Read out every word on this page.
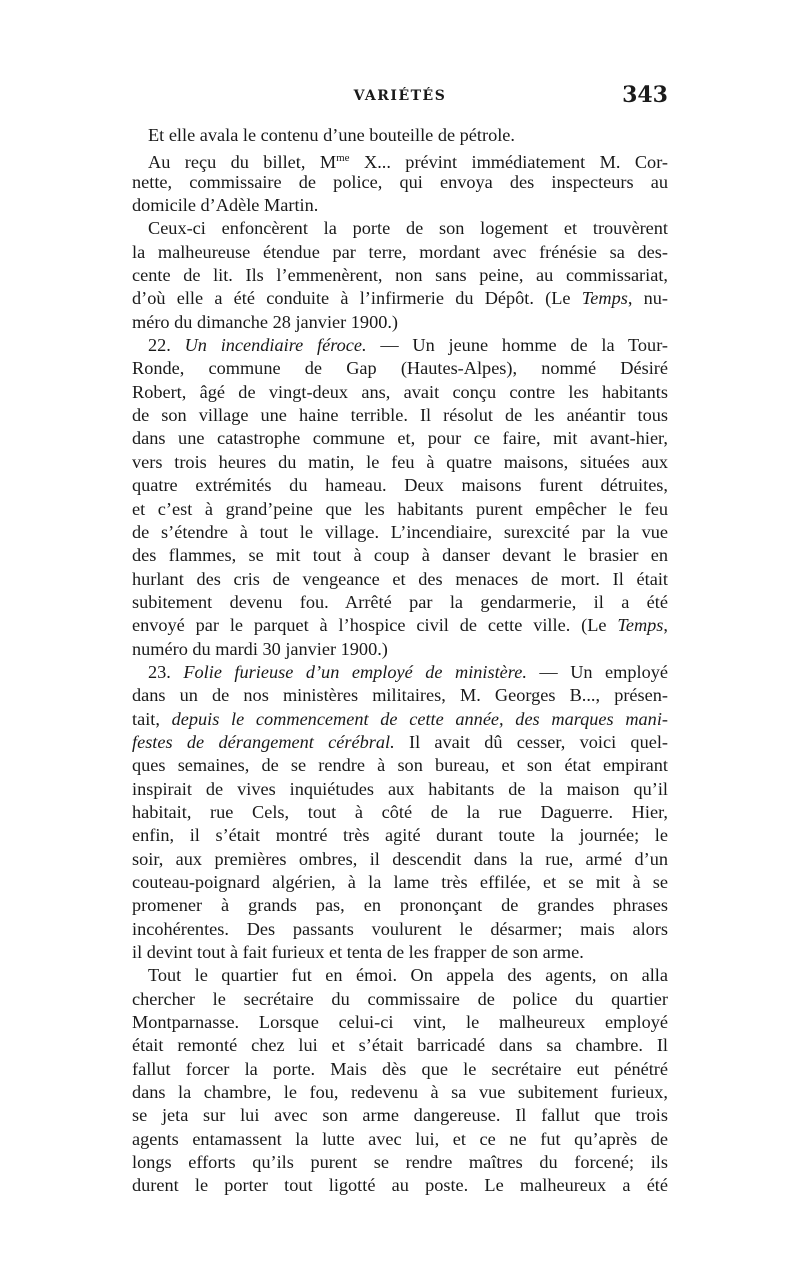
VARIÉTÉS	343
Et elle avala le contenu d’une bouteille de pétrole.
Au reçu du billet, $M^{me}$ X... prévint immédiatement M. Cor-
nette, commissaire de police, qui envoya des inspecteurs au
domicile d’Adèle Martin.
Ceux-ci enfoncèrent la porte de son logement et trouvèrent
la malheureuse étendue par terre, mordant avec frénésie sa des-
cente de lit. Ils l’emmenèrent, non sans peine, au commissariat,
d’où elle a été conduite à l’infirmerie du Dépôt. (Le Temps, nu-
méro du dimanche 28 janvier 1900.)
22. Un incendiaire féroce. — Un jeune homme de la Tour-
Ronde, commune de Gap (Hautes-Alpes), nommé Désiré
Robert, âgé de vingt-deux ans, avait conçu contre les habitants
de son village une haine terrible. Il résolut de les anéantir tous
dans une catastrophe commune et, pour ce faire, mit avant-hier,
vers trois heures du matin, le feu à quatre maisons, situées aux
quatre extrémités du hameau. Deux maisons furent détruites,
et c’est à grand’peine que les habitants purent empêcher le feu
de s’étendre à tout le village. L’incendiaire, surexcité par la vue
des flammes, se mit tout à coup à danser devant le brasier en
hurlant des cris de vengeance et des menaces de mort. Il était
subitement devenu fou. Arrêté par la gendarmerie, il a été
envoyé par le parquet à l’hospice civil de cette ville. (Le Temps,
numéro du mardi 30 janvier 1900.)
23. Folie furieuse d’un employé de ministère. — Un employé
dans un de nos ministères militaires, M. Georges B..., présen-
tait, depuis le commencement de cette année, des marques mani-
festes de dérangement cérébral. Il avait dû cesser, voici quel-
ques semaines, de se rendre à son bureau, et son état empirant
inspirait de vives inquiétudes aux habitants de la maison qu’il
habitait, rue Cels, tout à côté de la rue Daguerre. Hier,
enfin, il s’était montré très agité durant toute la journée; le
soir, aux premières ombres, il descendit dans la rue, armé d’un
couteau-poignard algérien, à la lame très effilée, et se mit à se
promener à grands pas, en prononçant de grandes phrases
incohérentes. Des passants voulurent le désarmer; mais alors
il devint tout à fait furieux et tenta de les frapper de son arme.
Tout le quartier fut en émoi. On appela des agents, on alla
chercher le secrétaire du commissaire de police du quartier
Montparnasse. Lorsque celui-ci vint, le malheureux employé
était remonté chez lui et s’était barricadé dans sa chambre. Il
fallut forcer la porte. Mais dès que le secrétaire eut pénétré
dans la chambre, le fou, redevenu à sa vue subitement furieux,
se jeta sur lui avec son arme dangereuse. Il fallut que trois
agents entamassent la lutte avec lui, et ce ne fut qu’après de
longs efforts qu’ils purent se rendre maîtres du forcené; ils
durent le porter tout ligotté au poste. Le malheureux a été
